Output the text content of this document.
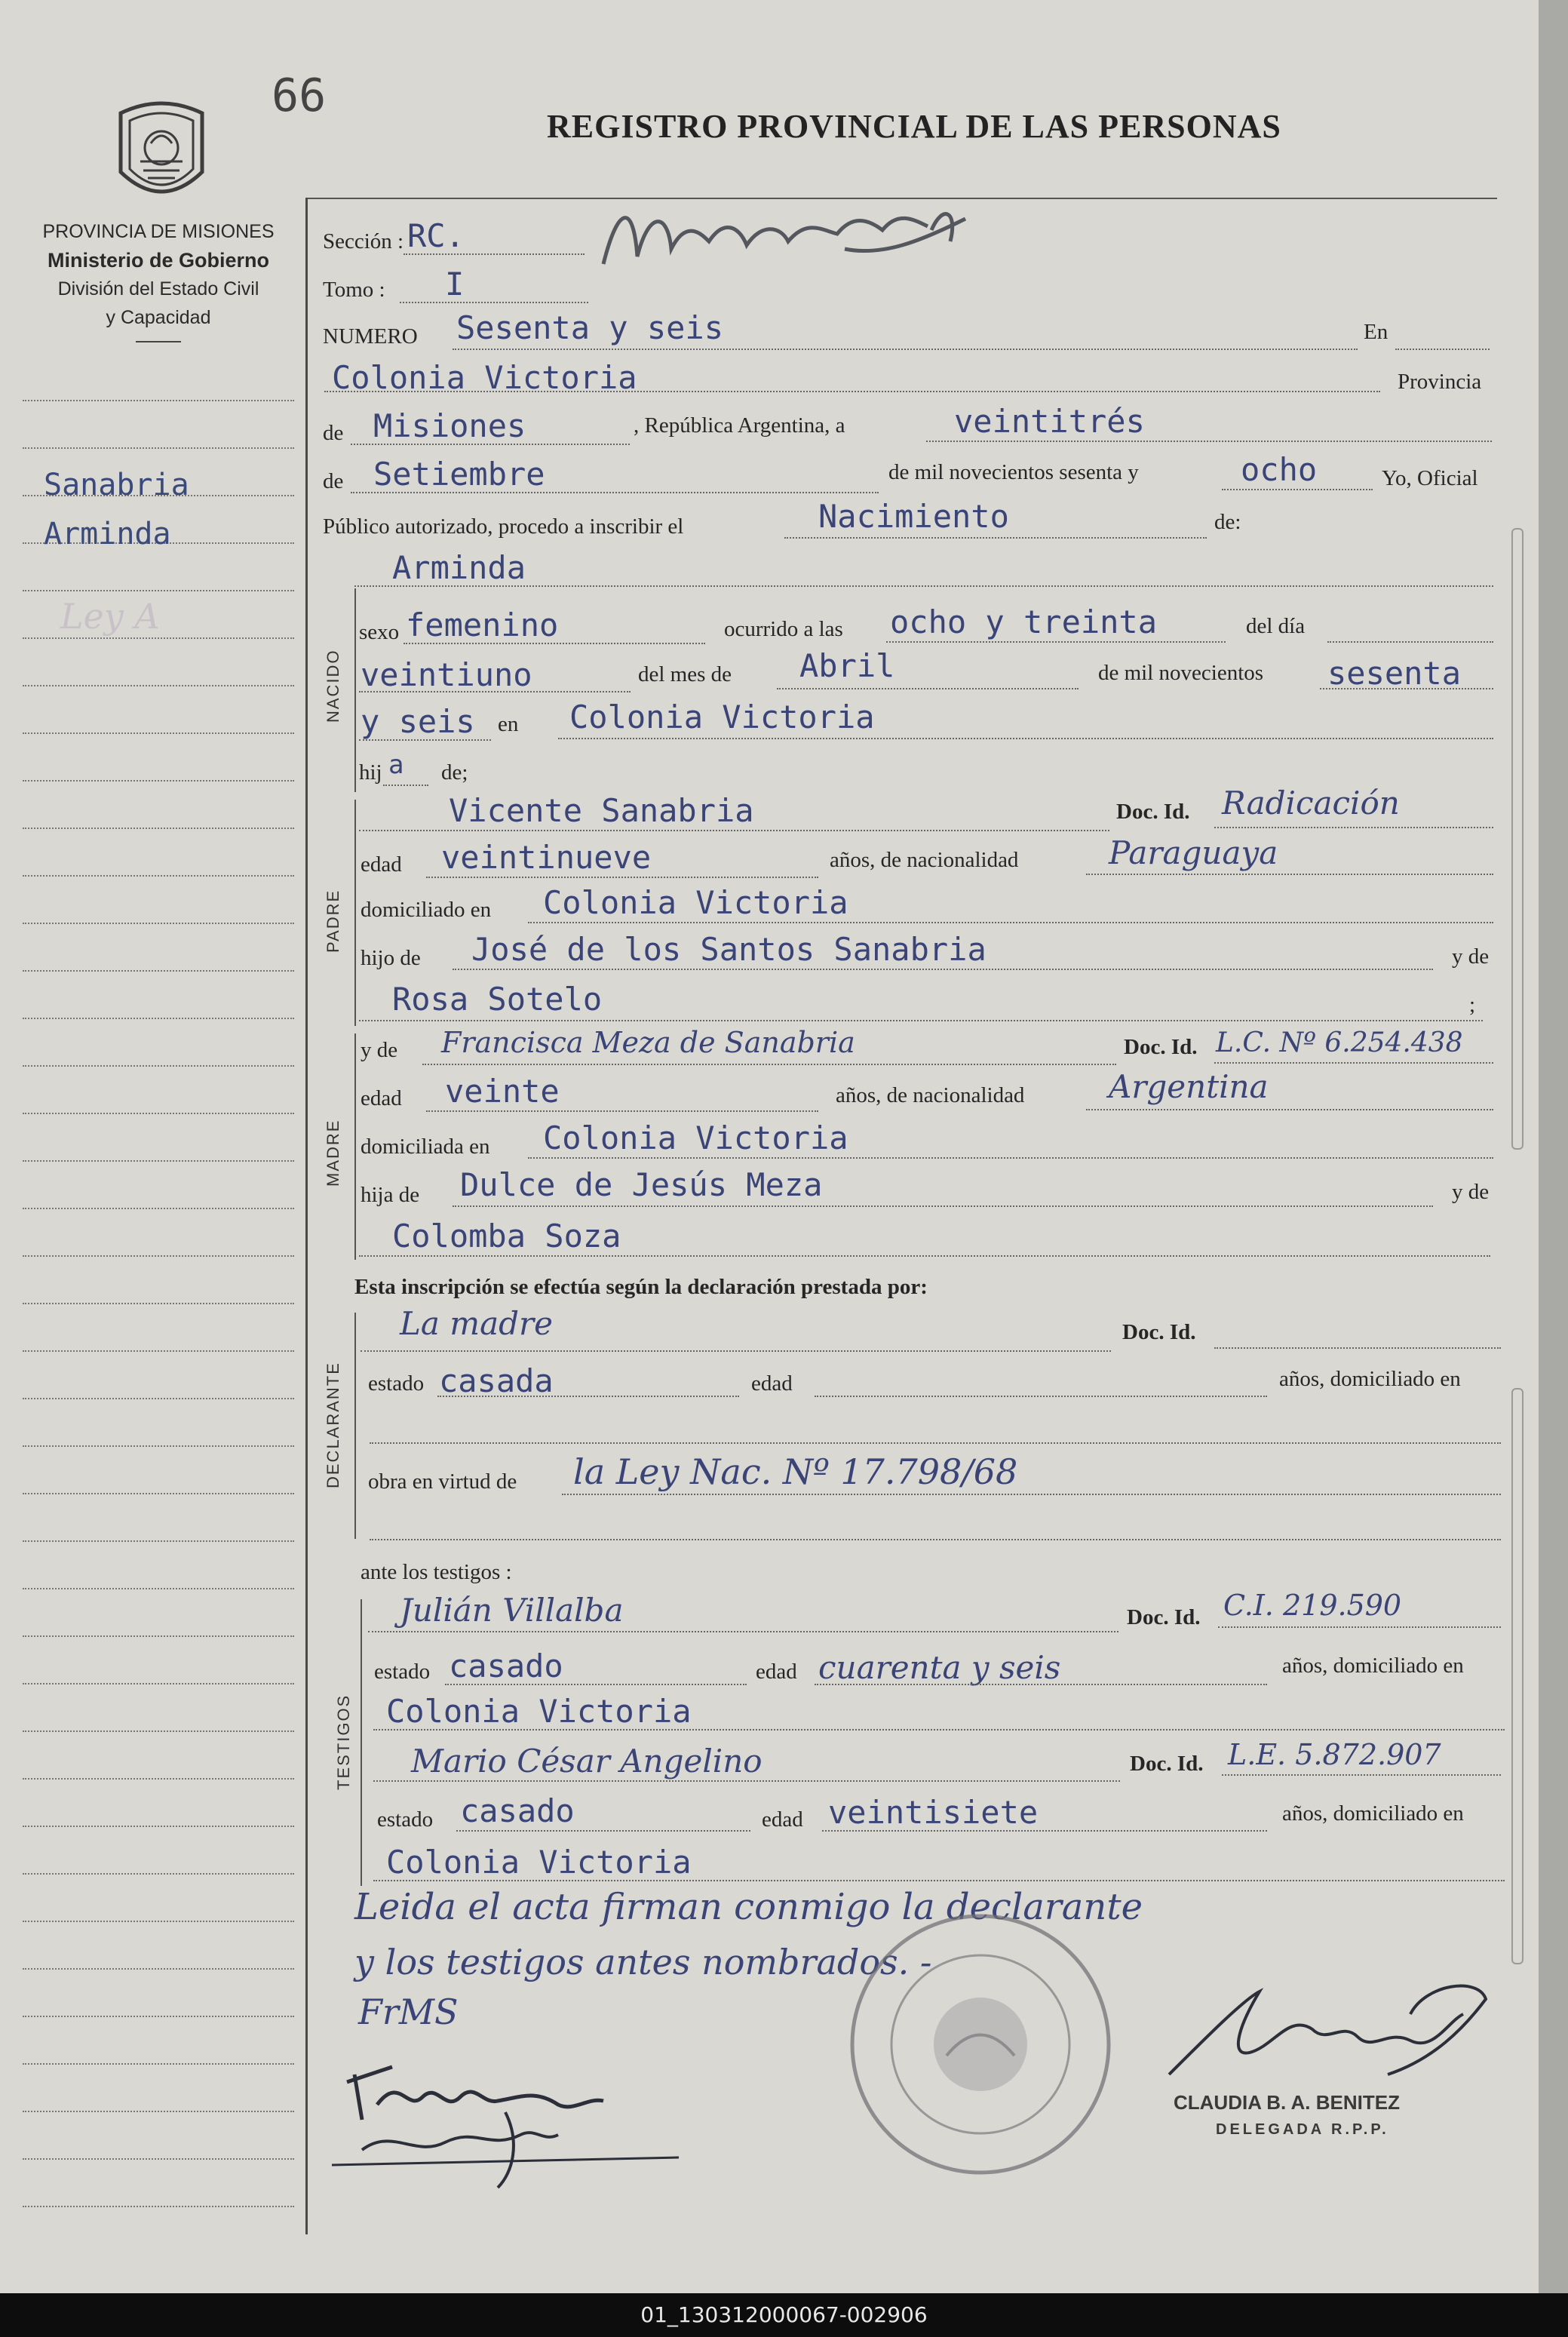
66
REGISTRO PROVINCIAL DE LAS PERSONAS
PROVINCIA DE MISIONES
Ministerio de Gobierno
División del Estado Civil
y Capacidad
Sanabria
Arminda
Ley A
Sección : RC.
Tomo : I
NUMERO Sesenta y seis	En
Colonia Victoria	Provincia
de Misiones	, República Argentina, a	veintitrés
de Setiembre	de mil novecientos sesenta y	ocho	Yo, Oficial
Público autorizado, procedo a inscribir el	Nacimiento	de:
Arminda
NACIDO
sexo femenino	ocurrido a las ocho y treinta	del día
veintiuno	del mes de Abril	de mil novecientos sesenta
y seis en Colonia Victoria
hij a de;
PADRE
Vicente Sanabria	Doc. Id. Radicación
edad veintinueve	años, de nacionalidad	Paraguaya
domiciliado en Colonia Victoria
hijo de José de los Santos Sanabria	y de
Rosa Sotelo	;
MADRE
y de Francisca Meza de Sanabria	Doc. Id. L.C. Nº 6.254.438
edad veinte	años, de nacionalidad	Argentina
domiciliada en Colonia Victoria
hija de Dulce de Jesús Meza	y de
Colomba Soza
Esta inscripción se efectúa según la declaración prestada por:
DECLARANTE
La madre	Doc. Id.
estado casada	edad	años, domiciliado en
obra en virtud de la Ley Nac. Nº 17.798/68
ante los testigos :
TESTIGOS
Julián Villalba	Doc. Id. C.I. 219.590
estado casado	edad cuarenta y seis	años, domiciliado en
Colonia Victoria
Mario César Angelino	Doc. Id. L.E. 5.872.907
estado casado	edad veintisiete	años, domiciliado en
Colonia Victoria
Leida el acta firman conmigo la declarante
y los testigos antes nombrados. -
FrMS
CLAUDIA B. A. BENITEZ
DELEGADA R.P.P.
01_130312000067-002906
